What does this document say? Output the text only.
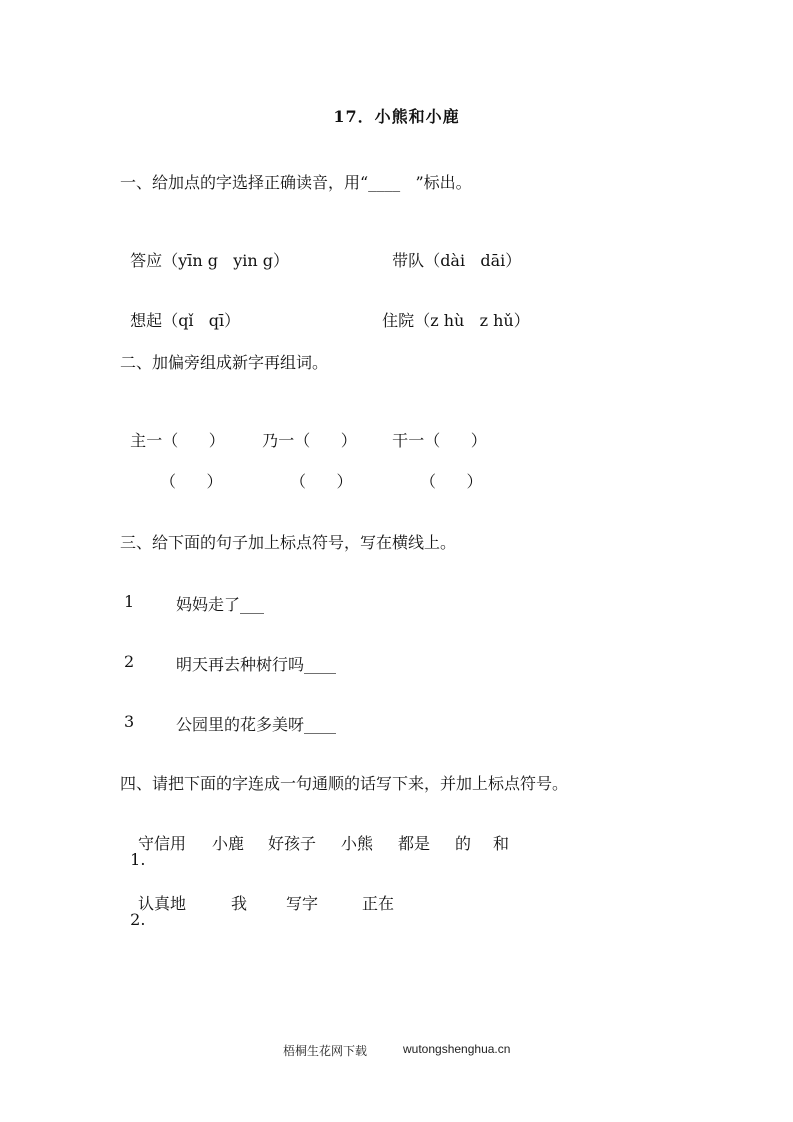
17．小熊和小鹿
一、给加点的字选择正确读音，用“____   ”标出。

答应（yīn g   yin g）	带队（dài   dāi）

想起（qǐ   qī）	住院（z hù   z hǔ）

二、加偏旁组成新字再组词。

主一（      ）	乃一（      ）	干一（      ）

（      ）	（      ）	（      ）
三、给下面的句子加上标点符号，写在横线上。
1	妈妈走了___
2	明天再去种树行吗____
3	公园里的花多美呀____
四、请把下面的字连成一句通顺的话写下来，并加上标点符号。

1.

守信用 小鹿 好孩子 小熊 都是 的 和

2.

认真地	我 写字	正在
梧桐生花网下载	wutongshenghua.cn
